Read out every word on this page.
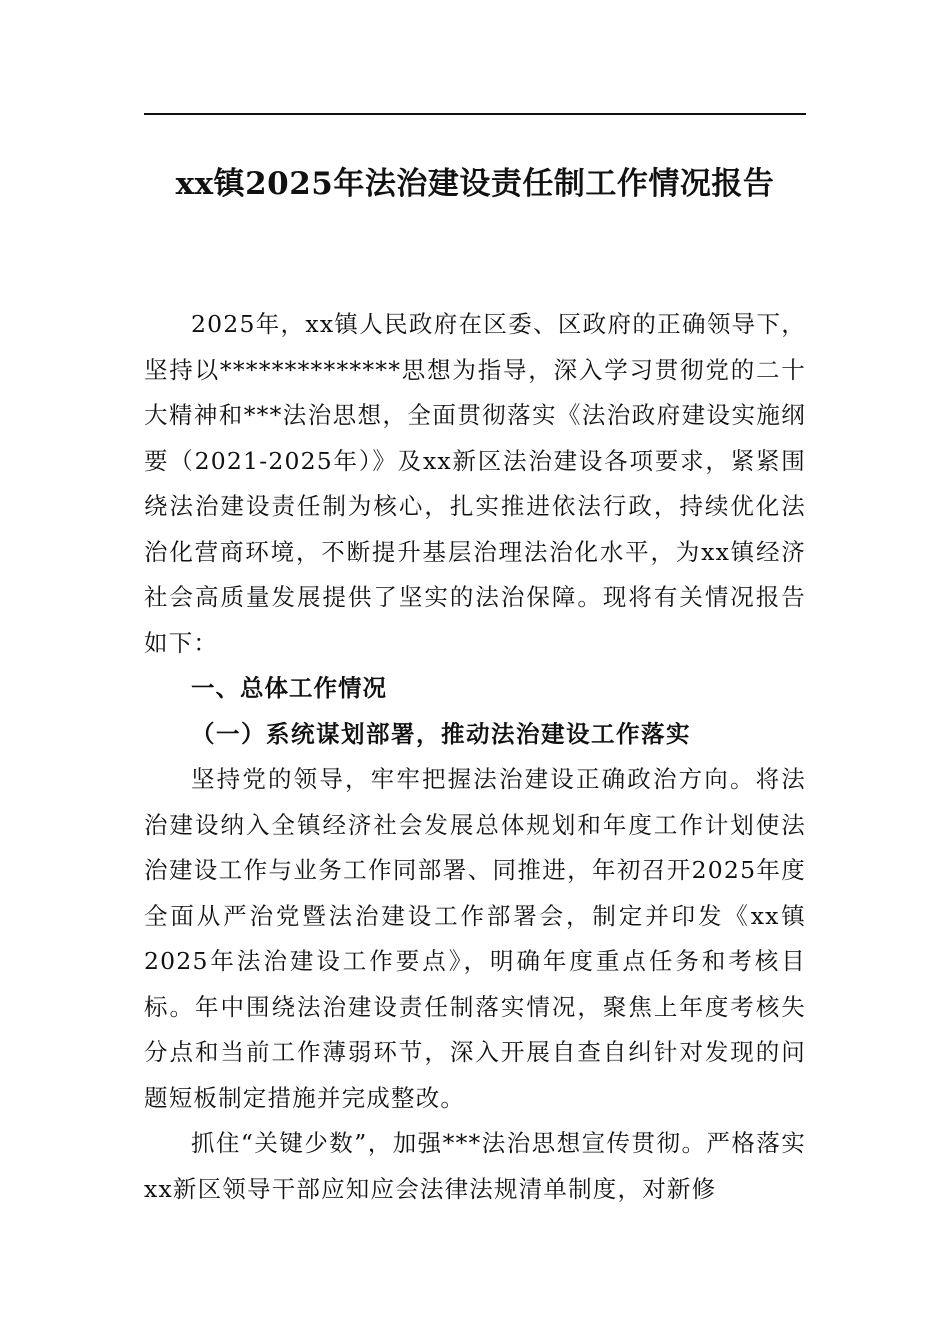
xx镇2025年法治建设责任制工作情况报告

2025年，xx镇人民政府在区委、区政府的正确领导下，坚持以**************思想为指导，深入学习贯彻党的二十大精神和***法治思想，全面贯彻落实《法治政府建设实施纲要（2021-2025年）》及xx新区法治建设各项要求，紧紧围绕法治建设责任制为核心，扎实推进依法行政，持续优化法治化营商环境，不断提升基层治理法治化水平，为xx镇经济社会高质量发展提供了坚实的法治保障。现将有关情况报告如下：

一、总体工作情况

（一）系统谋划部署，推动法治建设工作落实

坚持党的领导，牢牢把握法治建设正确政治方向。将法治建设纳入全镇经济社会发展总体规划和年度工作计划使法治建设工作与业务工作同部署、同推进，年初召开2025年度全面从严治党暨法治建设工作部署会，制定并印发《xx镇2025年法治建设工作要点》，明确年度重点任务和考核目标。年中围绕法治建设责任制落实情况，聚焦上年度考核失分点和当前工作薄弱环节，深入开展自查自纠针对发现的问题短板制定措施并完成整改。

抓住“关键少数”，加强***法治思想宣传贯彻。严格落实xx新区领导干部应知应会法律法规清单制度，对新修
